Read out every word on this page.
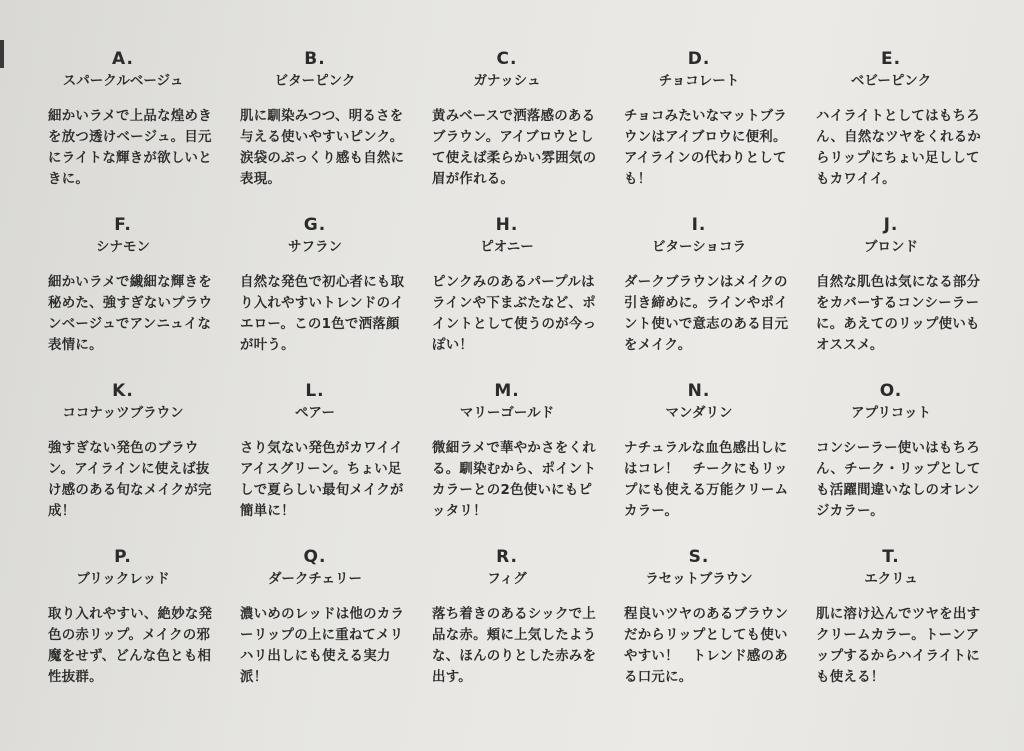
A.
スパークルベージュ
細かいラメで上品な煌めきを放つ透けベージュ。目元にライトな輝きが欲しいときに。
B.
ビターピンク
肌に馴染みつつ、明るさを与える使いやすいピンク。涙袋のぷっくり感も自然に表現。
C.
ガナッシュ
黄みベースで洒落感のあるブラウン。アイブロウとして使えば柔らかい雰囲気の眉が作れる。
D.
チョコレート
チョコみたいなマットブラウンはアイブロウに便利。アイラインの代わりとしても！
E.
ベビーピンク
ハイライトとしてはもちろん、自然なツヤをくれるからリップにちょい足ししてもカワイイ。
F.
シナモン
細かいラメで繊細な輝きを秘めた、強すぎないブラウンベージュでアンニュイな表情に。
G.
サフラン
自然な発色で初心者にも取り入れやすいトレンドのイエロー。この1色で洒落顔が叶う。
H.
ピオニー
ピンクみのあるパープルはラインや下まぶたなど、ポイントとして使うのが今っぽい！
I.
ビターショコラ
ダークブラウンはメイクの引き締めに。ラインやポイント使いで意志のある目元をメイク。
J.
ブロンド
自然な肌色は気になる部分をカバーするコンシーラーに。あえてのリップ使いもオススメ。
K.
ココナッツブラウン
強すぎない発色のブラウン。アイラインに使えば抜け感のある旬なメイクが完成！
L.
ペアー
さり気ない発色がカワイイアイスグリーン。ちょい足しで夏らしい最旬メイクが簡単に！
M.
マリーゴールド
微細ラメで華やかさをくれる。馴染むから、ポイントカラーとの2色使いにもピッタリ！
N.
マンダリン
ナチュラルな血色感出しにはコレ！　チークにもリップにも使える万能クリームカラー。
O.
アプリコット
コンシーラー使いはもちろん、チーク・リップとしても活躍間違いなしのオレンジカラー。
P.
ブリックレッド
取り入れやすい、絶妙な発色の赤リップ。メイクの邪魔をせず、どんな色とも相性抜群。
Q.
ダークチェリー
濃いめのレッドは他のカラーリップの上に重ねてメリハリ出しにも使える実力派！
R.
フィグ
落ち着きのあるシックで上品な赤。頬に上気したような、ほんのりとした赤みを出す。
S.
ラセットブラウン
程良いツヤのあるブラウンだからリップとしても使いやすい！　トレンド感のある口元に。
T.
エクリュ
肌に溶け込んでツヤを出すクリームカラー。トーンアップするからハイライトにも使える！
